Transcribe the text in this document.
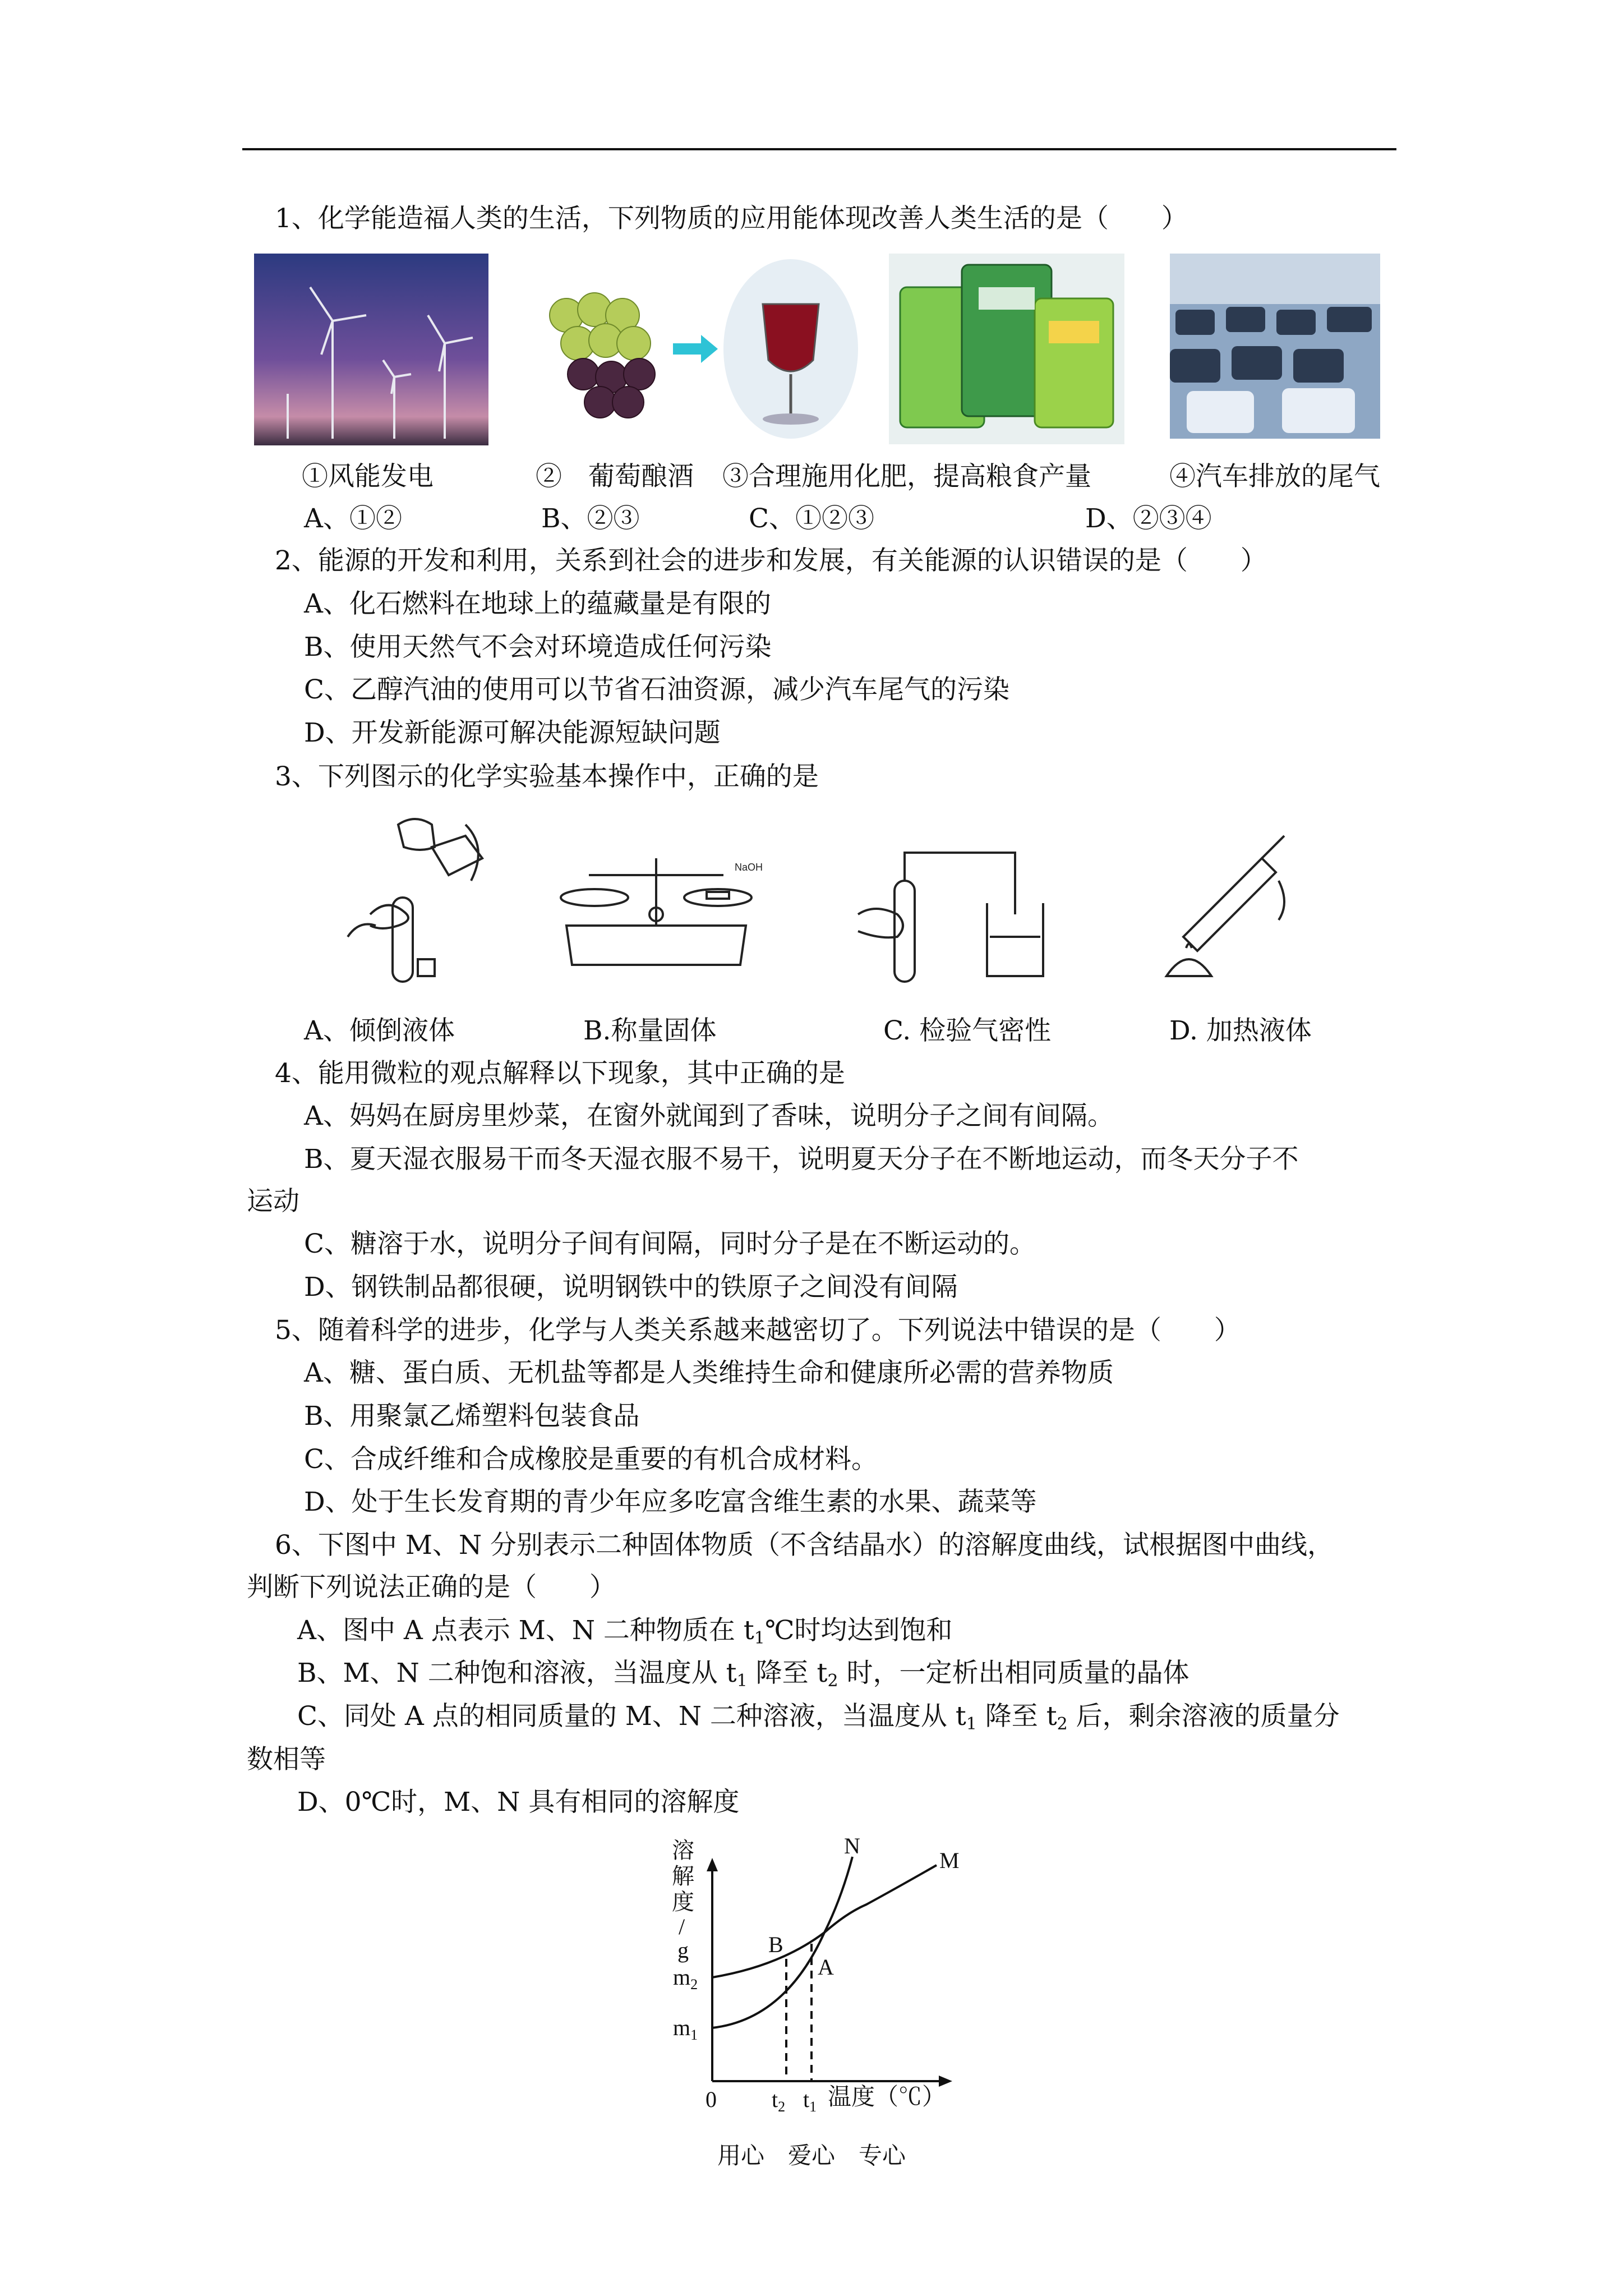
1、化学能造福人类的生活，下列物质的应用能体现改善人类生活的是（　　）
①风能发电	②　葡萄酿酒 ③合理施用化肥，提高粮食产量	④汽车排放的尾气
A、①②	B、②③	C、①②③	D、②③④
2、能源的开发和利用，关系到社会的进步和发展，有关能源的认识错误的是（　　）
A、化石燃料在地球上的蕴藏量是有限的
B、使用天然气不会对环境造成任何污染
C、乙醇汽油的使用可以节省石油资源，减少汽车尾气的污染
D、开发新能源可解决能源短缺问题
3、下列图示的化学实验基本操作中，正确的是
NaOH
A、倾倒液体	B.称量固体	C. 检验气密性	D. 加热液体
4、能用微粒的观点解释以下现象，其中正确的是
A、妈妈在厨房里炒菜，在窗外就闻到了香味，说明分子之间有间隔。
B、夏天湿衣服易干而冬天湿衣服不易干，说明夏天分子在不断地运动，而冬天分子不
运动
C、糖溶于水，说明分子间有间隔，同时分子是在不断运动的。
D、钢铁制品都很硬，说明钢铁中的铁原子之间没有间隔
5、随着科学的进步，化学与人类关系越来越密切了。下列说法中错误的是（　　）
A、糖、蛋白质、无机盐等都是人类维持生命和健康所必需的营养物质
B、用聚氯乙烯塑料包装食品
C、合成纤维和合成橡胶是重要的有机合成材料。
D、处于生长发育期的青少年应多吃富含维生素的水果、蔬菜等
6、下图中 M、N 分别表示二种固体物质（不含结晶水）的溶解度曲线，试根据图中曲线，
判断下列说法正确的是（　　）
A、图中 A 点表示 M、N 二种物质在 $t_1℃$时均达到饱和
B、M、N 二种饱和溶液，当温度从 $t_1$ 降至 $t_2$ 时，一定析出相同质量的晶体
C、同处 A 点的相同质量的 M、N 二种溶液，当温度从 $t_1$ 降至 $t_2$ 后，剩余溶液的质量分
数相等
D、0℃时，M、N 具有相同的溶解度
溶
解
度
/
g
$m_2$
$m_1$
0 $t_2$ $t_1$ 温度（℃）
B
A
N
M
用心　爱心　专心
